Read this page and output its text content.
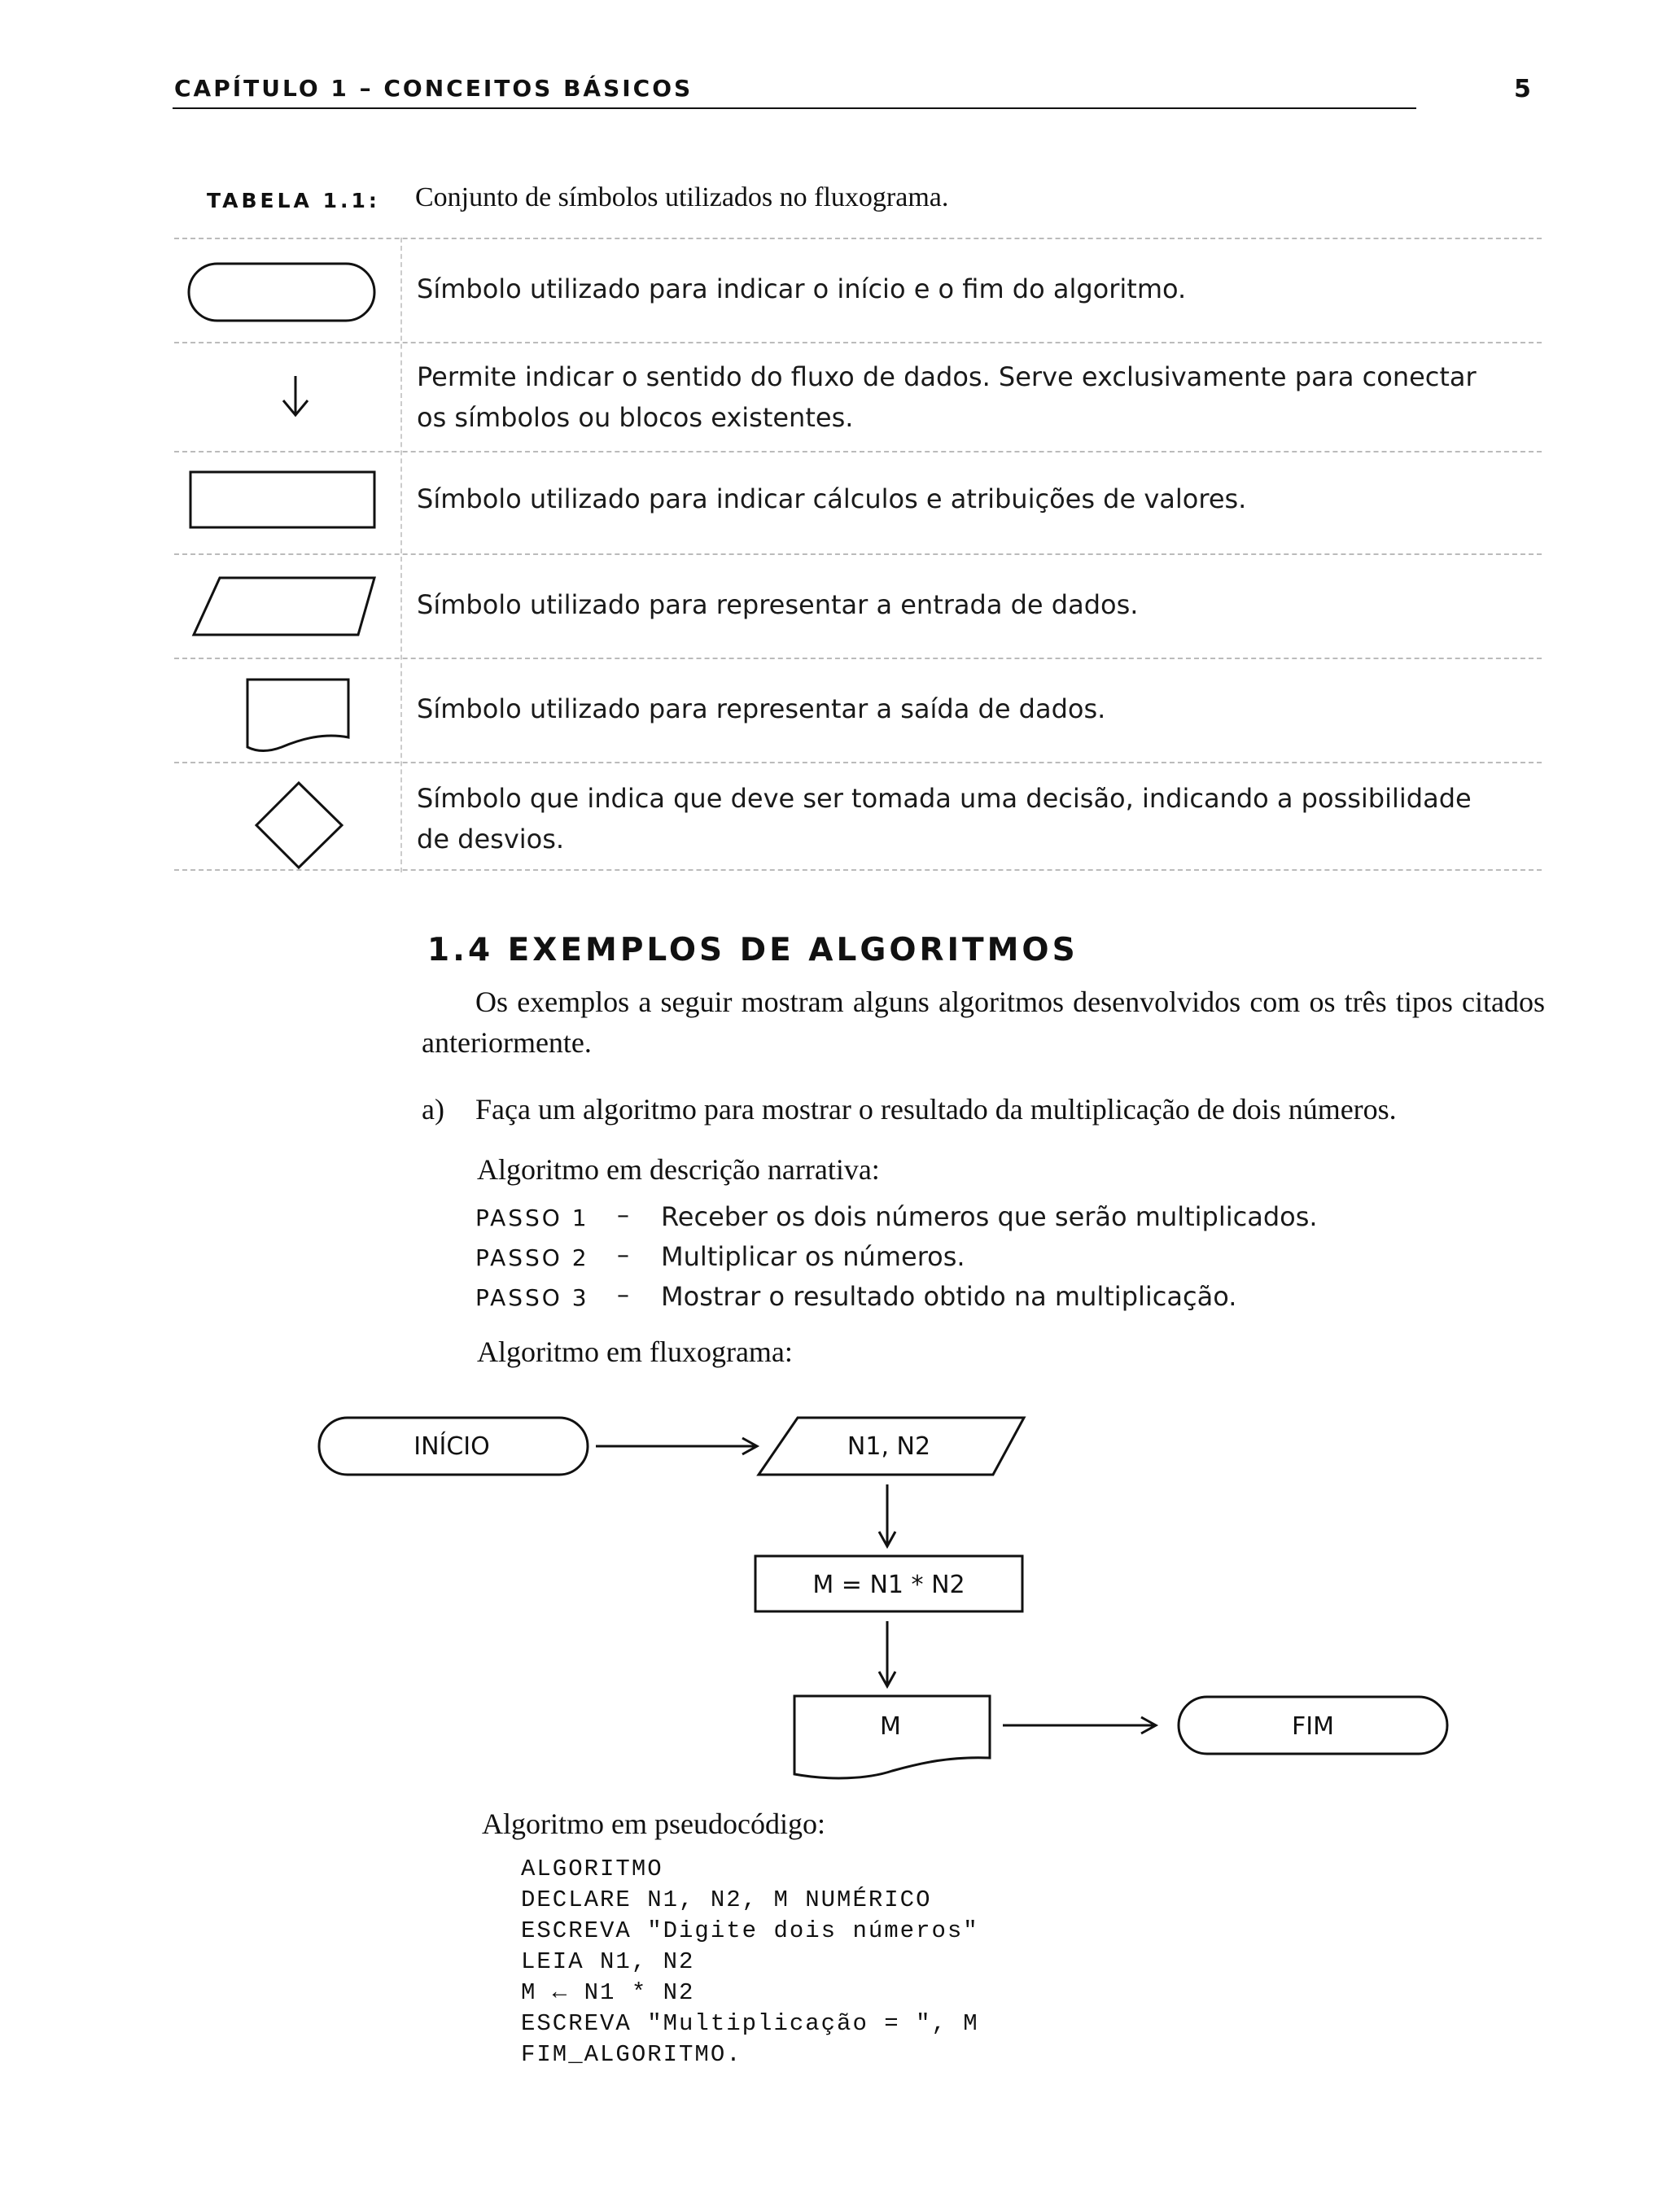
CAPÍTULO 1 – CONCEITOS BÁSICOS	5
TABELA 1.1: Conjunto de símbolos utilizados no fluxograma.
Símbolo utilizado para indicar o início e o fim do algoritmo.
Permite indicar o sentido do fluxo de dados. Serve exclusivamente para conectar os símbolos ou blocos existentes.
Símbolo utilizado para indicar cálculos e atribuições de valores.
Símbolo utilizado para representar a entrada de dados.
Símbolo utilizado para representar a saída de dados.
Símbolo que indica que deve ser tomada uma decisão, indicando a possibilidade de desvios.
1.4 EXEMPLOS DE ALGORITMOS
Os exemplos a seguir mostram alguns algoritmos desenvolvidos com os três tipos citados anteriormente.
a) Faça um algoritmo para mostrar o resultado da multiplicação de dois números.
Algoritmo em descrição narrativa:
PASSO 1 – Receber os dois números que serão multiplicados.
PASSO 2 – Multiplicar os números.
PASSO 3 – Mostrar o resultado obtido na multiplicação.
Algoritmo em fluxograma:
INÍCIO	N1, N2
M = N1 * N2
M	FIM
Algoritmo em pseudocódigo:
ALGORITMO
DECLARE N1, N2, M NUMÉRICO
ESCREVA "Digite dois números"
LEIA N1, N2
M ← N1 * N2
ESCREVA "Multiplicação = ", M
FIM_ALGORITMO.
